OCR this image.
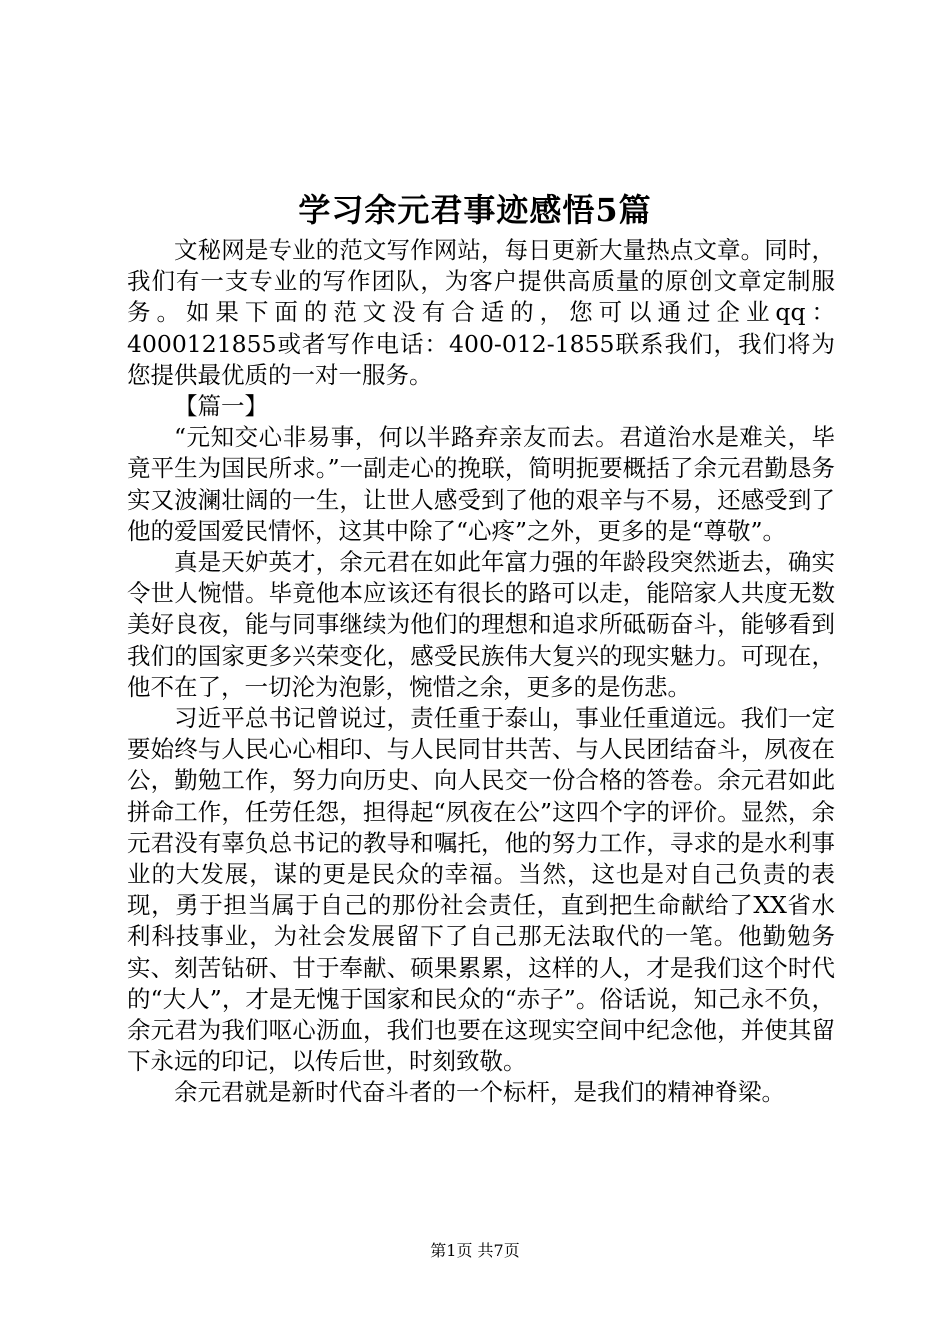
学习余元君事迹感悟5篇

文秘网是专业的范文写作网站，每日更新大量热点文章。同时，我们有一支专业的写作团队，为客户提供高质量的原创文章定制服务。如果下面的范文没有合适的，您可以通过企业qq：4000121855或者写作电话：400-012-1855联系我们，我们将为您提供最优质的一对一服务。

【篇一】

“元知交心非易事，何以半路弃亲友而去。君道治水是难关，毕竟平生为国民所求。”一副走心的挽联，简明扼要概括了余元君勤恳务实又波澜壮阔的一生，让世人感受到了他的艰辛与不易，还感受到了他的爱国爱民情怀，这其中除了“心疼”之外，更多的是“尊敬”。

真是天妒英才，余元君在如此年富力强的年龄段突然逝去，确实令世人惋惜。毕竟他本应该还有很长的路可以走，能陪家人共度无数美好良夜，能与同事继续为他们的理想和追求所砥砺奋斗，能够看到我们的国家更多兴荣变化，感受民族伟大复兴的现实魅力。可现在，他不在了，一切沦为泡影，惋惜之余，更多的是伤悲。

习近平总书记曾说过，责任重于泰山，事业任重道远。我们一定要始终与人民心心相印、与人民同甘共苦、与人民团结奋斗，夙夜在公，勤勉工作，努力向历史、向人民交一份合格的答卷。余元君如此拼命工作，任劳任怨，担得起“夙夜在公”这四个字的评价。显然，余元君没有辜负总书记的教导和嘱托，他的努力工作，寻求的是水利事业的大发展，谋的更是民众的幸福。当然，这也是对自己负责的表现，勇于担当属于自己的那份社会责任，直到把生命献给了XX省水利科技事业，为社会发展留下了自己那无法取代的一笔。他勤勉务实、刻苦钻研、甘于奉献、硕果累累，这样的人，才是我们这个时代的“大人”，才是无愧于国家和民众的“赤子”。俗话说，知己永不负，余元君为我们呕心沥血，我们也要在这现实空间中纪念他，并使其留下永远的印记，以传后世，时刻致敬。

余元君就是新时代奋斗者的一个标杆，是我们的精神脊梁。

第1页 共7页
